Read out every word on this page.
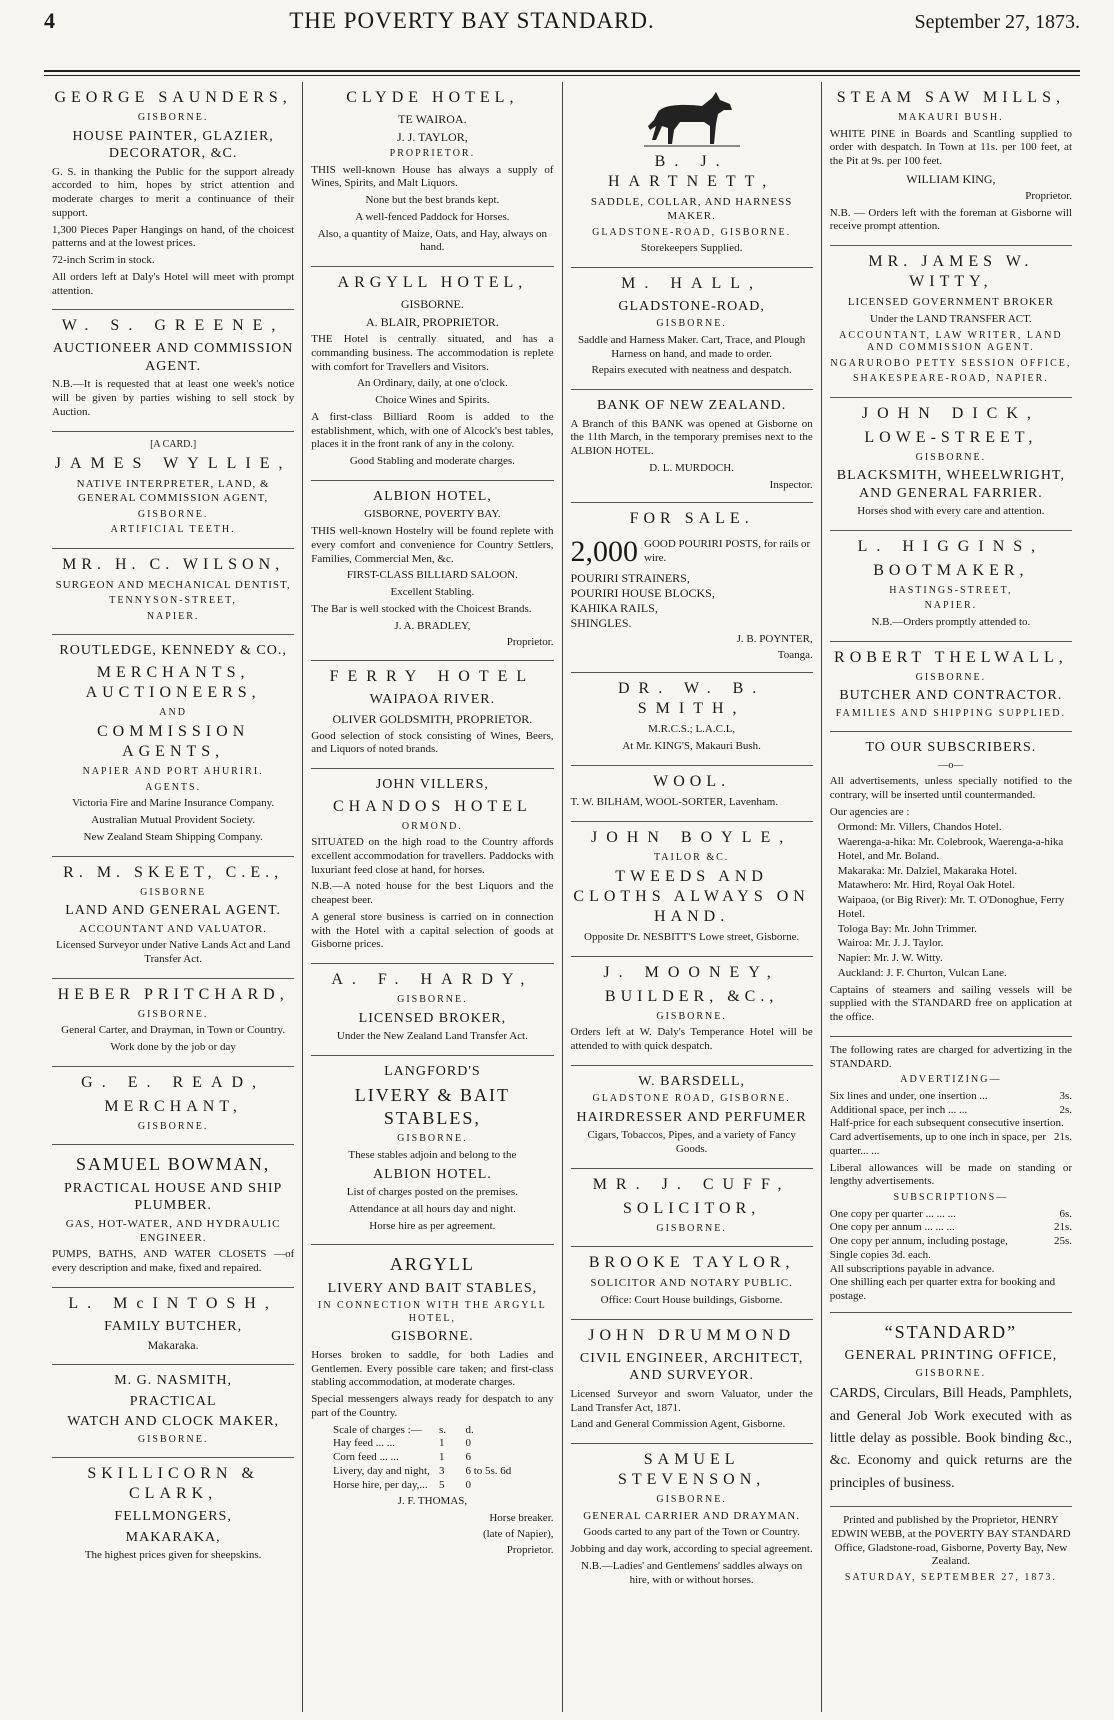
4	THE POVERTY BAY STANDARD.	September 27, 1873.
GEORGE SAUNDERS,
GISBORNE.
HOUSE PAINTER, GLAZIER, DECORATOR, &C.
G. S. in thanking the Public for the support already accorded to him, hopes by strict attention and moderate charges to merit a continuance of their support.
1,300 Pieces Paper Hangings on hand, of the choicest patterns and at the lowest prices.
72-inch Scrim in stock.
All orders left at Daly's Hotel will meet with prompt attention.
W. S. GREENE,
AUCTIONEER AND COMMISSION AGENT.
N.B.—It is requested that at least one week's notice will be given by parties wishing to sell stock by Auction.
[A CARD.]
JAMES WYLLIE,
NATIVE INTERPRETER, LAND, & GENERAL COMMISSION AGENT,
GISBORNE.
ARTIFICIAL TEETH.
MR. H. C. WILSON,
SURGEON AND MECHANICAL DENTIST,
TENNYSON-STREET,
NAPIER.
ROUTLEDGE, KENNEDY & CO.,
MERCHANTS, AUCTIONEERS,
AND
COMMISSION AGENTS,
NAPIER AND PORT AHURIRI.
AGENTS.
Victoria Fire and Marine Insurance Company.
Australian Mutual Provident Society.
New Zealand Steam Shipping Company.
R. M. SKEET, C.E.,
GISBORNE
LAND AND GENERAL AGENT.
ACCOUNTANT AND VALUATOR.
Licensed Surveyor under Native Lands Act and Land Transfer Act.
HEBER PRITCHARD,
GISBORNE.
General Carter, and Drayman, in Town or Country.
Work done by the job or day
G. E. READ,
MERCHANT,
GISBORNE.
SAMUEL BOWMAN,
PRACTICAL HOUSE AND SHIP PLUMBER.
GAS, HOT-WATER, AND HYDRAULIC ENGINEER.
PUMPS, BATHS, AND WATER CLOSETS —of every description and make, fixed and repaired.
L. McINTOSH,
FAMILY BUTCHER,
Makaraka.
M. G. NASMITH,
PRACTICAL
WATCH AND CLOCK MAKER,
GISBORNE.
SKILLICORN & CLARK,
FELLMONGERS,
MAKARAKA,
The highest prices given for sheepskins.
CLYDE HOTEL,
TE WAIROA.
J. J. TAYLOR,
PROPRIETOR.
THIS well-known House has always a supply of Wines, Spirits, and Malt Liquors.
None but the best brands kept.
A well-fenced Paddock for Horses.
Also, a quantity of Maize, Oats, and Hay, always on hand.
ARGYLL HOTEL,
GISBORNE.
A. BLAIR, PROPRIETOR.
THE Hotel is centrally situated, and has a commanding business. The accommodation is replete with comfort for Travellers and Visitors.
An Ordinary, daily, at one o'clock.
Choice Wines and Spirits.
A first-class Billiard Room is added to the establishment, which, with one of Alcock's best tables, places it in the front rank of any in the colony.
Good Stabling and moderate charges.
ALBION HOTEL,
GISBORNE, POVERTY BAY.
THIS well-known Hostelry will be found replete with every comfort and convenience for Country Settlers, Families, Commercial Men, &c.
FIRST-CLASS BILLIARD SALOON.
Excellent Stabling.
The Bar is well stocked with the Choicest Brands.
J. A. BRADLEY,
Proprietor.
FERRY HOTEL
WAIPAOA RIVER.
OLIVER GOLDSMITH, PROPRIETOR.
Good selection of stock consisting of Wines, Beers, and Liquors of noted brands.
JOHN VILLERS,
CHANDOS HOTEL
ORMOND.
SITUATED on the high road to the Country affords excellent accommodation for travellers. Paddocks with luxuriant feed close at hand, for horses.
N.B.—A noted house for the best Liquors and the cheapest beer.
A general store business is carried on in connection with the Hotel with a capital selection of goods at Gisborne prices.
A. F. HARDY,
GISBORNE.
LICENSED BROKER,
Under the New Zealand Land Transfer Act.
LANGFORD'S
LIVERY & BAIT STABLES,
GISBORNE.
These stables adjoin and belong to the
ALBION HOTEL.
List of charges posted on the premises.
Attendance at all hours day and night.
Horse hire as per agreement.
ARGYLL
LIVERY AND BAIT STABLES,
IN CONNECTION WITH THE ARGYLL HOTEL,
GISBORNE.
Horses broken to saddle, for both Ladies and Gentlemen. Every possible care taken; and first-class stabling accommodation, at moderate charges.
Special messengers always ready for despatch to any part of the Country.
Scale of charges :—	s.	d.
Hay feed ... ...	1	0
Corn feed ... ...	1	6
Livery, day and night, 3	6 to 5s. 6d
Horse hire, per day,...	5	0
J. F. THOMAS,
Horse breaker.
(late of Napier),
Proprietor.
B. J. HARTNETT,
SADDLE, COLLAR, AND HARNESS MAKER.
GLADSTONE-ROAD, GISBORNE.
Storekeepers Supplied.
M. HALL,
GLADSTONE-ROAD,
GISBORNE.
Saddle and Harness Maker. Cart, Trace, and Plough Harness on hand, and made to order.
Repairs executed with neatness and despatch.
BANK OF NEW ZEALAND.
A Branch of this BANK was opened at Gisborne on the 11th March, in the temporary premises next to the ALBION HOTEL.
D. L. MURDOCH.
Inspector.
FOR SALE.
2,000 GOOD POURIRI POSTS, for rails or wire.
POURIRI STRAINERS,
POURIRI HOUSE BLOCKS,
KAHIKA RAILS,
SHINGLES.
J. B. POYNTER,
Toanga.
DR. W. B. SMITH,
M.R.C.S.; L.A.C.L,
At Mr. KING'S, Makauri Bush.
WOOL.
T. W. BILHAM, WOOL-SORTER, Lavenham.
JOHN BOYLE,
TAILOR &C.
TWEEDS AND CLOTHS ALWAYS ON HAND.
Opposite Dr. NESBITT'S Lowe street, Gisborne.
J. MOONEY,
BUILDER, &C.,
GISBORNE.
Orders left at W. Daly's Temperance Hotel will be attended to with quick despatch.
W. BARSDELL,
GLADSTONE ROAD, GISBORNE.
HAIRDRESSER AND PERFUMER
Cigars, Tobaccos, Pipes, and a variety of Fancy Goods.
MR. J. CUFF,
SOLICITOR,
GISBORNE.
BROOKE TAYLOR,
SOLICITOR AND NOTARY PUBLIC.
Office: Court House buildings, Gisborne.
JOHN DRUMMOND
CIVIL ENGINEER, ARCHITECT, AND SURVEYOR.
Licensed Surveyor and sworn Valuator, under the Land Transfer Act, 1871.
Land and General Commission Agent, Gisborne.
SAMUEL STEVENSON,
GISBORNE.
GENERAL CARRIER AND DRAYMAN.
Goods carted to any part of the Town or Country.
Jobbing and day work, according to special agreement.
N.B.—Ladies' and Gentlemens' saddles always on hire, with or without horses.
STEAM SAW MILLS,
MAKAURI BUSH.
WHITE PINE in Boards and Scantling supplied to order with despatch. In Town at 11s. per 100 feet, at the Pit at 9s. per 100 feet.
WILLIAM KING,
Proprietor.
N.B. — Orders left with the foreman at Gisborne will receive prompt attention.
MR. JAMES W. WITTY,
LICENSED GOVERNMENT BROKER
Under the LAND TRANSFER ACT.
ACCOUNTANT, LAW WRITER, LAND AND COMMISSION AGENT.
NGARUROBO PETTY SESSION OFFICE,
SHAKESPEARE-ROAD, NAPIER.
JOHN DICK,
LOWE-STREET,
GISBORNE.
BLACKSMITH, WHEELWRIGHT, AND GENERAL FARRIER.
Horses shod with every care and attention.
L. HIGGINS,
BOOTMAKER,
HASTINGS-STREET,
NAPIER.
N.B.—Orders promptly attended to.
ROBERT THELWALL,
GISBORNE.
BUTCHER AND CONTRACTOR.
FAMILIES AND SHIPPING SUPPLIED.
TO OUR SUBSCRIBERS.
—o—
All advertisements, unless specially notified to the contrary, will be inserted until countermanded.
Our agencies are :
Ormond: Mr. Villers, Chandos Hotel.
Waerenga-a-hika: Mr. Colebrook, Waerenga-a-hika Hotel, and Mr. Boland.
Makaraka: Mr. Dalziel, Makaraka Hotel.
Matawhero: Mr. Hird, Royal Oak Hotel.
Waipaoa, (or Big River): Mr. T. O'Donoghue, Ferry Hotel.
Tologa Bay: Mr. John Trimmer.
Wairoa: Mr. J. J. Taylor.
Napier: Mr. J. W. Witty.
Auckland: J. F. Churton, Vulcan Lane.
Captains of steamers and sailing vessels will be supplied with the STANDARD free on application at the office.
The following rates are charged for advertizing in the STANDARD.
ADVERTIZING—
Six lines and under, one insertion ...	3s.
Additional space, per inch ... ...	2s.
Half-price for each subsequent consecutive insertion.
Card advertisements, up to one inch in space, per quarter... ...
21s.
Liberal allowances will be made on standing or lengthy advertisements.
SUBSCRIPTIONS—
One copy per quarter ... ... ...	6s.
One copy per annum ... ... ...	21s.
One copy per annum, including postage,	25s.
Single copies 3d. each.
All subscriptions payable in advance.
One shilling each per quarter extra for booking and postage.
“STANDARD”
GENERAL PRINTING OFFICE,
GISBORNE.
CARDS, Circulars, Bill Heads, Pamphlets, and General Job Work executed with as little delay as possible. Book binding &c., &c. Economy and quick returns are the principles of business.
Printed and published by the Proprietor, HENRY EDWIN WEBB, at the POVERTY BAY STANDARD Office, Gladstone-road, Gisborne, Poverty Bay, New Zealand.
SATURDAY, SEPTEMBER 27, 1873.
